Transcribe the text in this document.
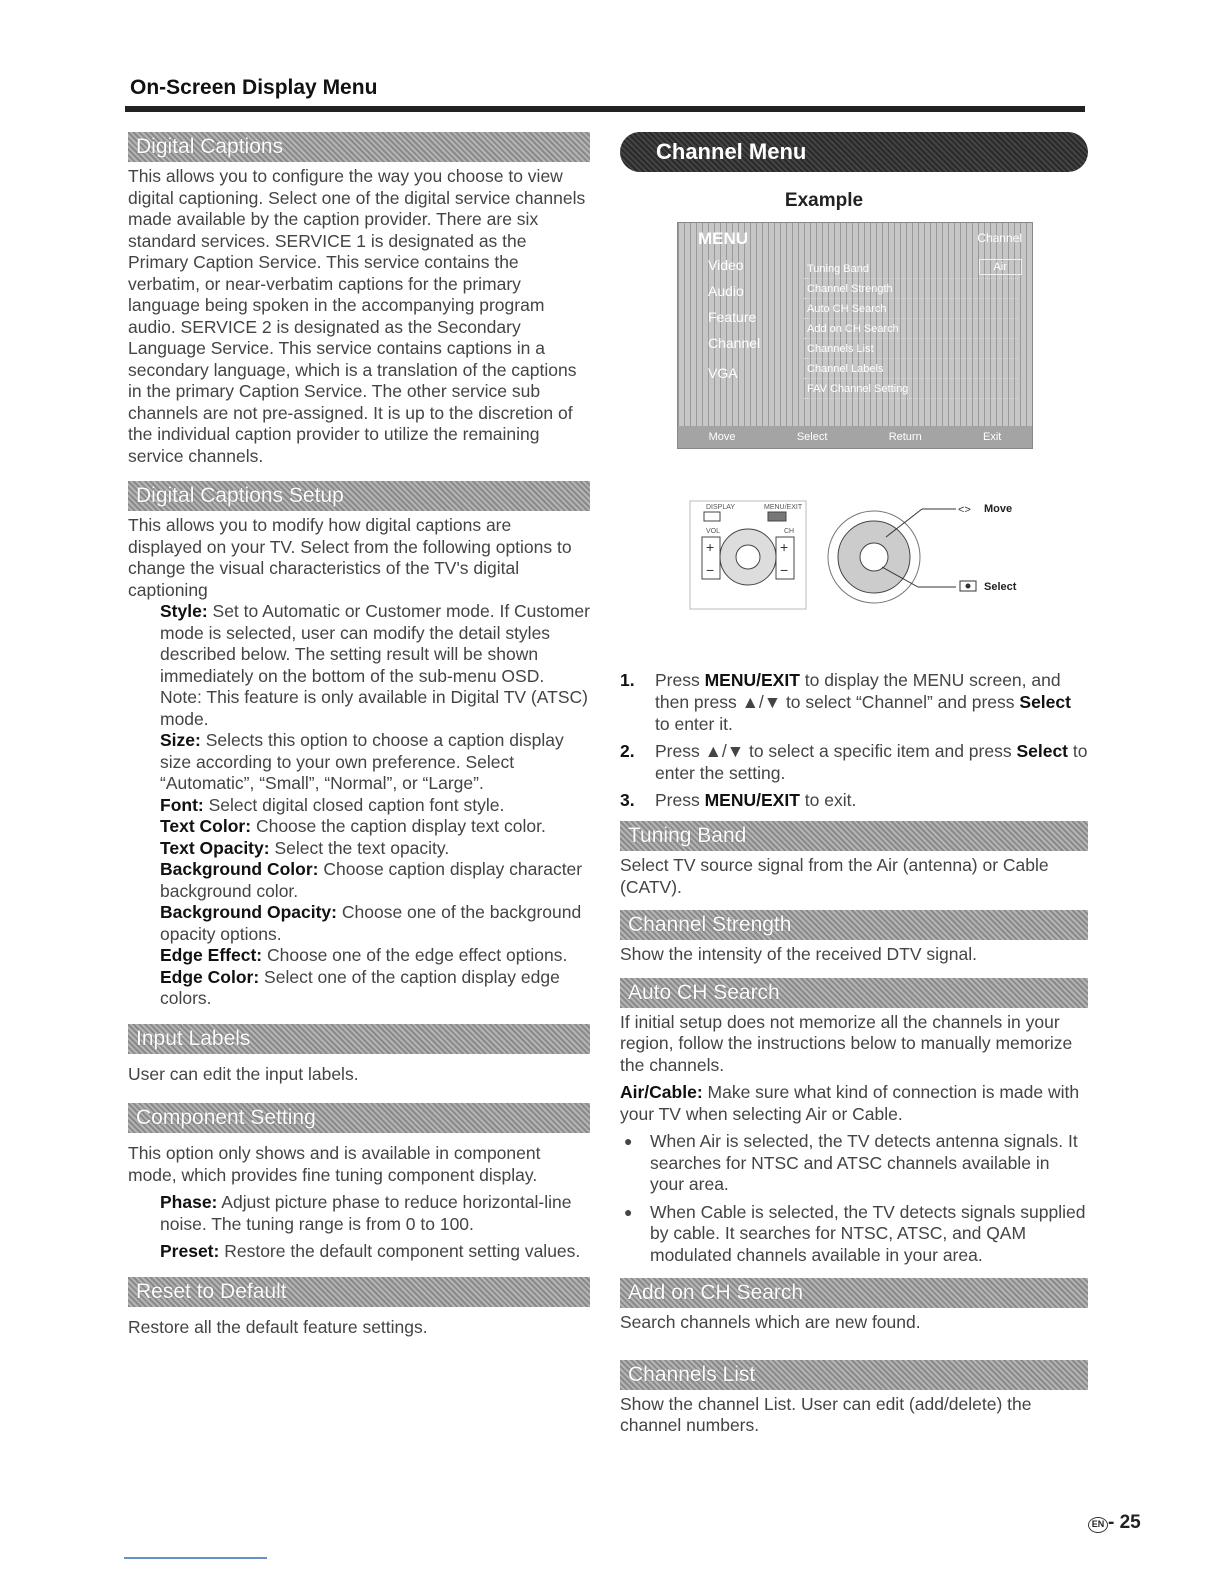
On-Screen Display Menu
Digital Captions
This allows you to configure the way you choose to view digital captioning. Select one of the digital service channels made available by the caption provider. There are six standard services. SERVICE 1 is designated as the Primary Caption Service. This service contains the verbatim, or near-verbatim captions for the primary language being spoken in the accompanying program audio. SERVICE 2 is designated as the Secondary Language Service. This service contains captions in a secondary language, which is a translation of the captions in the primary Caption Service. The other service sub channels are not pre-assigned. It is up to the discretion of the individual caption provider to utilize the remaining service channels.
Digital Captions Setup
This allows you to modify how digital captions are displayed on your TV. Select from the following options to change the visual characteristics of the TV's digital captioning
Style: Set to Automatic or Customer mode. If Customer mode is selected, user can modify the detail styles described below. The setting result will be shown immediately on the bottom of the sub-menu OSD. Note: This feature is only available in Digital TV (ATSC) mode.
Size: Selects this option to choose a caption display size according to your own preference. Select “Automatic”, “Small”, “Normal”, or “Large”.
Font: Select digital closed caption font style.
Text Color: Choose the caption display text color.
Text Opacity: Select the text opacity.
Background Color: Choose caption display character background color.
Background Opacity: Choose one of the background opacity options.
Edge Effect: Choose one of the edge effect options.
Edge Color: Select one of the caption display edge colors.
Input Labels
User can edit the input labels.
Component Setting
This option only shows and is available in component mode, which provides fine tuning component display.
Phase: Adjust picture phase to reduce horizontal-line noise. The tuning range is from 0 to 100.
Preset: Restore the default component setting values.
Reset to Default
Restore all the default feature settings.
Channel Menu
Example
MENU	Channel
Video
Audio
Feature
Channel
VGA
Tuning Band
Channel Strength
Auto CH Search
Add on CH Search
Channels List
Channel Labels
FAV Channel Setting
Air
Move	Select	Return	Exit
DISPLAY	MENU/EXIT
VOL	CH
+
−
+
−
<> Move
Select
1.	Press MENU/EXIT to display the MENU screen, and then press ▲/▼ to select “Channel” and press Select to enter it.
2.	Press ▲/▼ to select a specific item and press Select to enter the setting.
3.	Press MENU/EXIT to exit.
Tuning Band
Select TV source signal from the Air (antenna) or Cable (CATV).
Channel Strength
Show the intensity of the received DTV signal.
Auto CH Search
If initial setup does not memorize all the channels in your region, follow the instructions below to manually memorize the channels.
Air/Cable: Make sure what kind of connection is made with your TV when selecting Air or Cable.
●	When Air is selected, the TV detects antenna signals. It searches for NTSC and ATSC channels available in your area.
●	When Cable is selected, the TV detects signals supplied by cable. It searches for NTSC, ATSC, and QAM modulated channels available in your area.
Add on CH Search
Search channels which are new found.
Channels List
Show the channel List. User can edit (add/delete) the channel numbers.
EN - 25
